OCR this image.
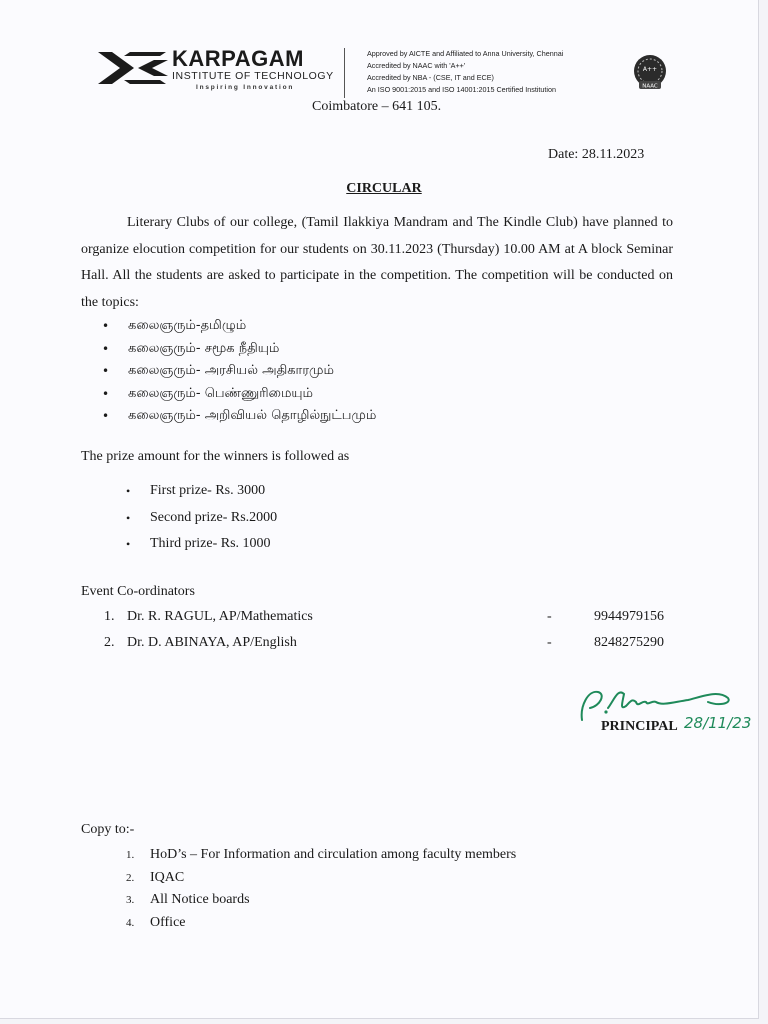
KARPAGAM
INSTITUTE OF TECHNOLOGY
Inspiring Innovation
Approved by AICTE and Affiliated to Anna University, Chennai
Accredited by NAAC with 'A++'
Accredited by NBA - (CSE, IT and ECE)
An ISO 9001:2015 and ISO 14001:2015 Certified Institution
A++
NAAC
Coimbatore – 641 105.
Date: 28.11.2023
CIRCULAR
Literary Clubs of our college, (Tamil Ilakkiya Mandram and The Kindle Club) have planned to organize elocution competition for our students on 30.11.2023 (Thursday) 10.00 AM at A block Seminar Hall. All the students are asked to participate in the competition. The competition will be conducted on the topics:
• கலைஞரும்-தமிழும்
• கலைஞரும்- சமூக நீதியும்
• கலைஞரும்- அரசியல் அதிகாரமும்
• கலைஞரும்- பெண்ணுரிமையும்
• கலைஞரும்- அறிவியல் தொழில்நுட்பமும்
The prize amount for the winners is followed as
• First prize- Rs. 3000
• Second prize- Rs.2000
• Third prize- Rs. 1000
Event Co-ordinators
1. Dr. R. RAGUL, AP/Mathematics	-	9944979156
2. Dr. D. ABINAYA, AP/English	-	8248275290
28/11/23
PRINCIPAL
Copy to:-
1. HoD’s – For Information and circulation among faculty members
2. IQAC
3. All Notice boards
4. Office
